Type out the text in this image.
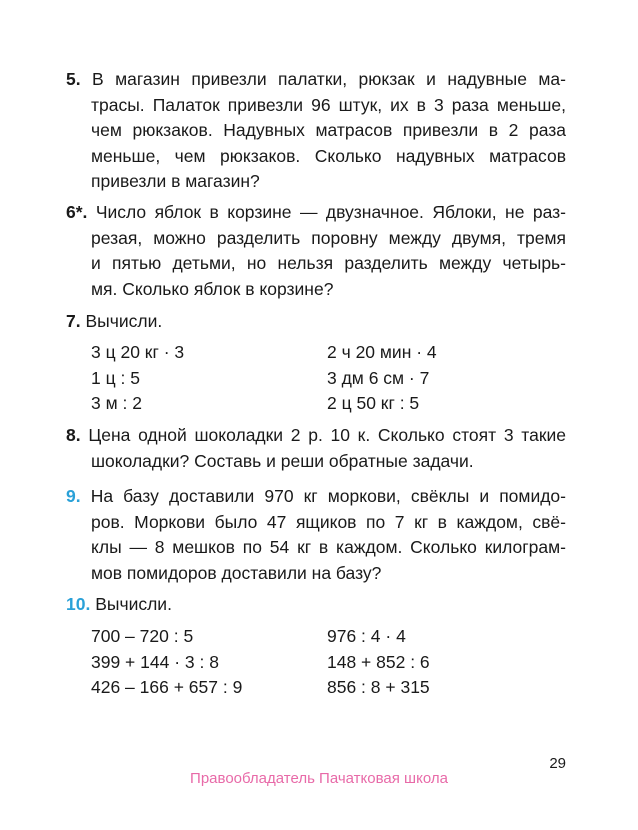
5. В магазин привезли палатки, рюкзак и надувные ма-
трасы. Палаток привезли 96 штук, их в 3 раза меньше,
чем рюкзаков. Надувных матрасов привезли в 2 раза
меньше, чем рюкзаков. Сколько надувных матрасов
привезли в магазин?
6*. Число яблок в корзине — двузначное. Яблоки, не раз-
резая, можно разделить поровну между двумя, тремя
и пятью детьми, но нельзя разделить между четырь-
мя. Сколько яблок в корзине?
7. Вычисли.
3 ц 20 кг · 3
1 ц : 5
3 м : 2
2 ч 20 мин · 4
3 дм 6 см · 7
2 ц 50 кг : 5
8. Цена одной шоколадки 2 р. 10 к. Сколько стоят 3 такие
шоколадки? Составь и реши обратные задачи.
9. На базу доставили 970 кг моркови, свёклы и помидо-
ров. Моркови было 47 ящиков по 7 кг в каждом, свё-
клы — 8 мешков по 54 кг в каждом. Сколько килограм-
мов помидоров доставили на базу?
10. Вычисли.
700 – 720 : 5
399 + 144 · 3 : 8
426 – 166 + 657 : 9
976 : 4 · 4
148 + 852 : 6
856 : 8 + 315
29
Правообладатель Пачатковая школа
